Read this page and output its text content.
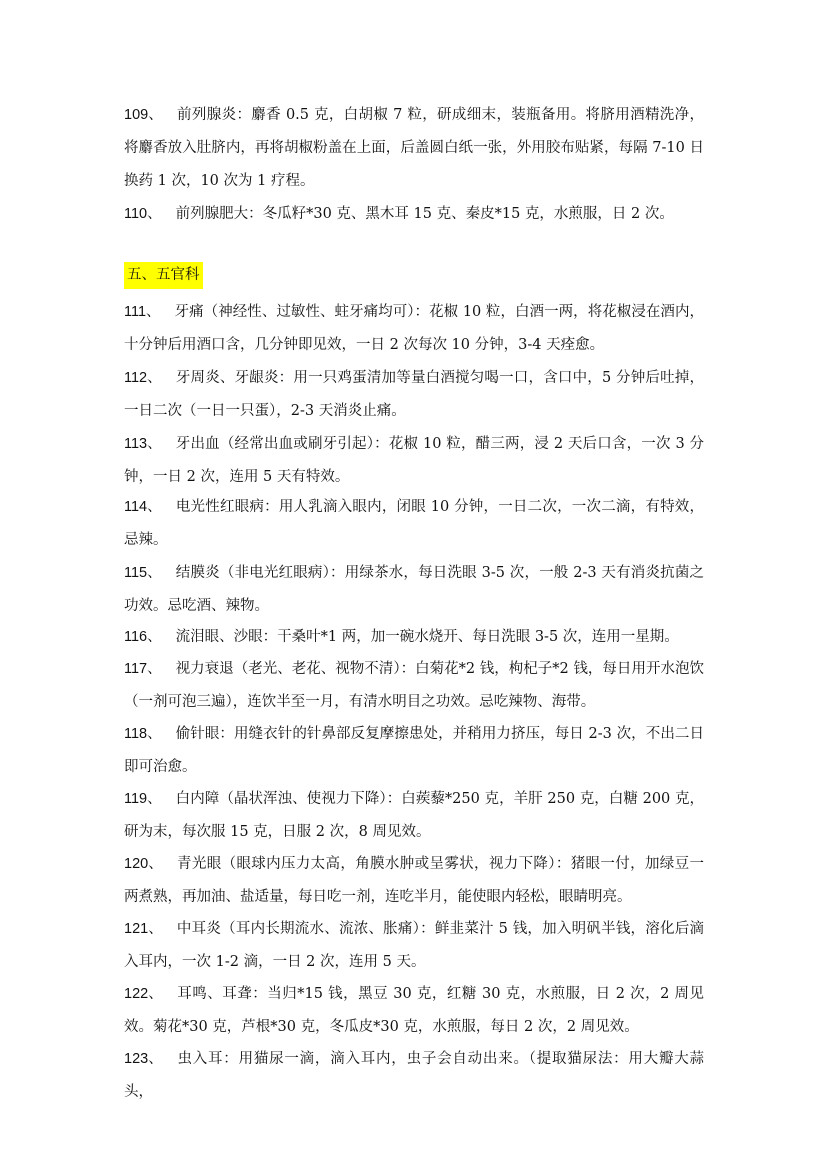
109、 前列腺炎：麝香 0.5 克，白胡椒 7 粒，研成细末，装瓶备用。将脐用酒精洗净，将麝香放入肚脐内，再将胡椒粉盖在上面，后盖圆白纸一张，外用胶布贴紧，每隔 7-10 日换药 1 次，10 次为 1 疗程。

110、 前列腺肥大：冬瓜籽*30 克、黑木耳 15 克、秦皮*15 克，水煎服，日 2 次。

五、五官科

111、 牙痛（神经性、过敏性、蛀牙痛均可）：花椒 10 粒，白酒一两，将花椒浸在酒内，十分钟后用酒口含，几分钟即见效，一日 2 次每次 10 分钟，3-4 天痊愈。

112、 牙周炎、牙龈炎：用一只鸡蛋清加等量白酒搅匀喝一口，含口中，5 分钟后吐掉，一日二次（一日一只蛋），2-3 天消炎止痛。

113、 牙出血（经常出血或刷牙引起）：花椒 10 粒，醋三两，浸 2 天后口含，一次 3 分钟，一日 2 次，连用 5 天有特效。

114、 电光性红眼病：用人乳滴入眼内，闭眼 10 分钟，一日二次，一次二滴，有特效，忌辣。

115、 结膜炎（非电光红眼病）：用绿茶水，每日洗眼 3-5 次，一般 2-3 天有消炎抗菌之功效。忌吃酒、辣物。

116、 流泪眼、沙眼：干桑叶*1 两，加一碗水烧开、每日洗眼 3-5 次，连用一星期。

117、 视力衰退（老光、老花、视物不清）：白菊花*2 钱，枸杞子*2 钱，每日用开水泡饮（一剂可泡三遍），连饮半至一月，有清水明目之功效。忌吃辣物、海带。

118、 偷针眼：用缝衣针的针鼻部反复摩擦患处，并稍用力挤压，每日 2-3 次，不出二日即可治愈。

119、 白内障（晶状浑浊、使视力下降）：白蒺藜*250 克，羊肝 250 克，白糖 200 克，研为末，每次服 15 克，日服 2 次，8 周见效。

120、 青光眼（眼球内压力太高，角膜水肿或呈雾状，视力下降）：猪眼一付，加绿豆一两煮熟，再加油、盐适量，每日吃一剂，连吃半月，能使眼内轻松，眼睛明亮。

121、 中耳炎（耳内长期流水、流浓、胀痛）：鲜韭菜汁 5 钱，加入明矾半钱，溶化后滴入耳内，一次 1-2 滴，一日 2 次，连用 5 天。

122、 耳鸣、耳聋：当归*15 钱，黑豆 30 克，红糖 30 克，水煎服，日 2 次，2 周见效。菊花*30 克，芦根*30 克，冬瓜皮*30 克，水煎服，每日 2 次，2 周见效。

123、 虫入耳：用猫尿一滴，滴入耳内，虫子会自动出来。（提取猫尿法：用大瓣大蒜头，
